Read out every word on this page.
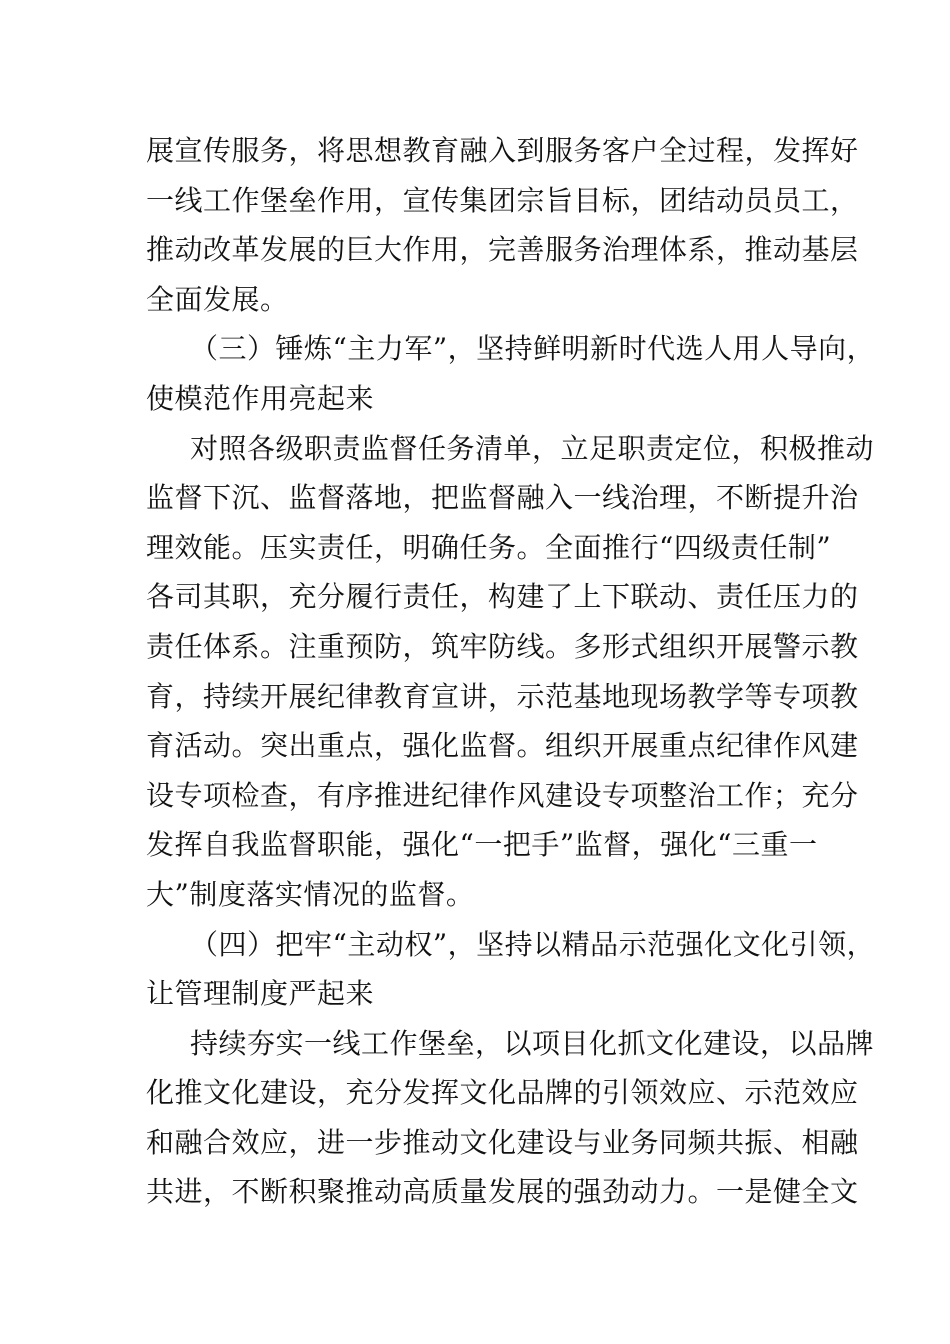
展宣传服务，将思想教育融入到服务客户全过程，发挥好
一线工作堡垒作用，宣传集团宗旨目标，团结动员员工，
推动改革发展的巨大作用，完善服务治理体系，推动基层
全面发展。
（三）锤炼“主力军”，坚持鲜明新时代选人用人导向，
使模范作用亮起来
对照各级职责监督任务清单，立足职责定位，积极推动
监督下沉、监督落地，把监督融入一线治理，不断提升治
理效能。压实责任，明确任务。全面推行“四级责任制”
各司其职，充分履行责任，构建了上下联动、责任压力的
责任体系。注重预防，筑牢防线。多形式组织开展警示教
育，持续开展纪律教育宣讲，示范基地现场教学等专项教
育活动。突出重点，强化监督。组织开展重点纪律作风建
设专项检查，有序推进纪律作风建设专项整治工作；充分
发挥自我监督职能，强化“一把手”监督，强化“三重一
大”制度落实情况的监督。
（四）把牢“主动权”，坚持以精品示范强化文化引领，
让管理制度严起来
持续夯实一线工作堡垒，以项目化抓文化建设，以品牌
化推文化建设，充分发挥文化品牌的引领效应、示范效应
和融合效应，进一步推动文化建设与业务同频共振、相融
共进，不断积聚推动高质量发展的强劲动力。一是健全文
